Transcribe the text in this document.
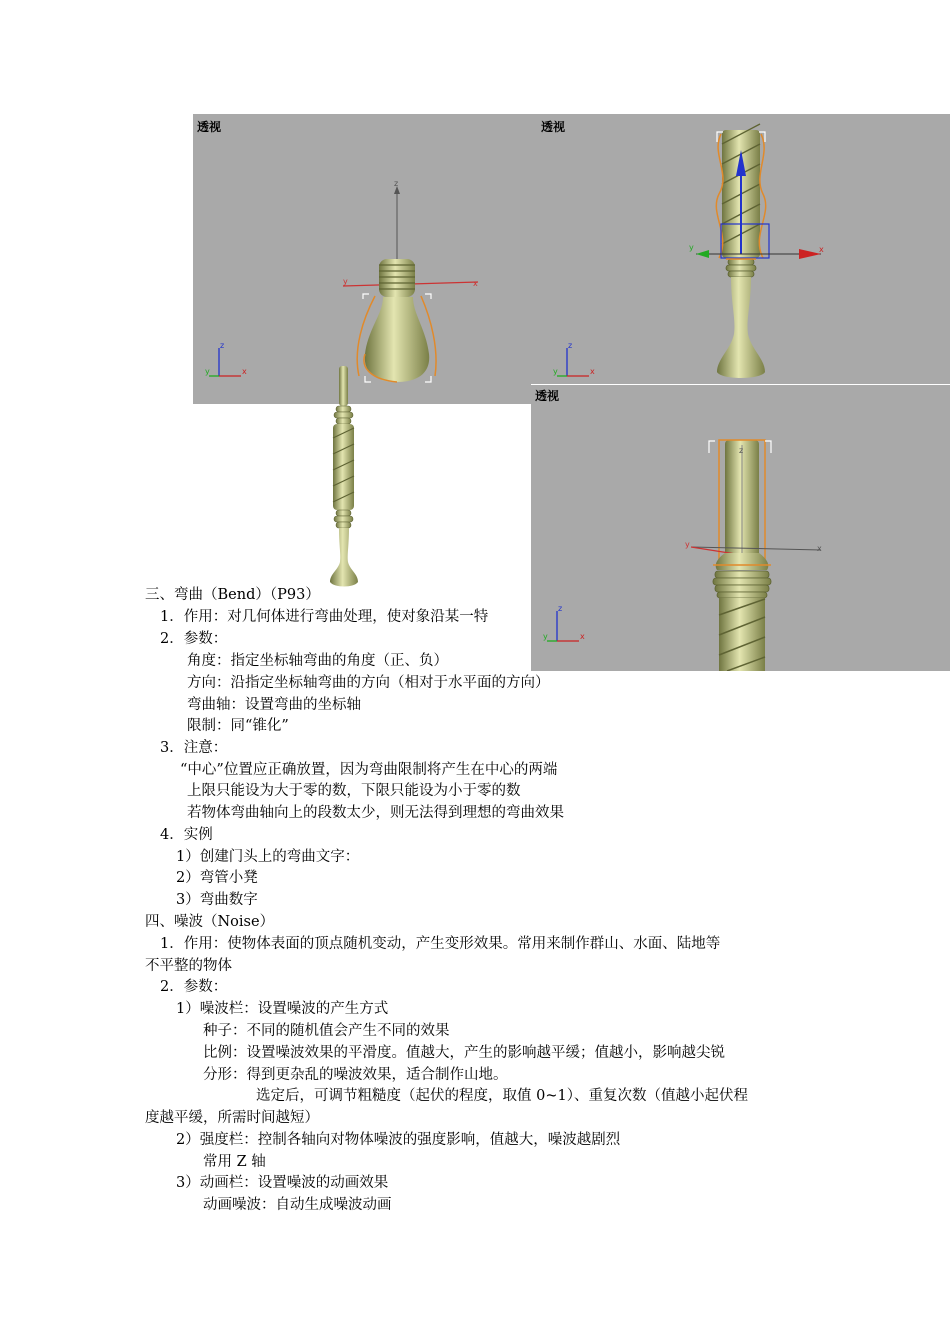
透视
z
y	x
z
x
y
透视
y	x
z
x
y
透视
z
y	x
z
x
y
三、弯曲（Bend）（P93）
1．作用：对几何体进行弯曲处理，使对象沿某一特
2．参数：
角度：指定坐标轴弯曲的角度（正、负）
方向：沿指定坐标轴弯曲的方向（相对于水平面的方向）
弯曲轴：设置弯曲的坐标轴
限制：同“锥化”
3．注意：
“中心”位置应正确放置，因为弯曲限制将产生在中心的两端
上限只能设为大于零的数，下限只能设为小于零的数
若物体弯曲轴向上的段数太少，则无法得到理想的弯曲效果
4．实例
1）创建门头上的弯曲文字：
2）弯管小凳
3）弯曲数字
四、噪波（Noise）
1．作用：使物体表面的顶点随机变动，产生变形效果。常用来制作群山、水面、陆地等
不平整的物体
2．参数：
1）噪波栏：设置噪波的产生方式
种子：不同的随机值会产生不同的效果
比例：设置噪波效果的平滑度。值越大，产生的影响越平缓；值越小，影响越尖锐
分形：得到更杂乱的噪波效果，适合制作山地。
选定后，可调节粗糙度（起伏的程度，取值 0~1）、重复次数（值越小起伏程
度越平缓，所需时间越短）
2）强度栏：控制各轴向对物体噪波的强度影响，值越大，噪波越剧烈
常用 Z 轴
3）动画栏：设置噪波的动画效果
动画噪波：自动生成噪波动画
